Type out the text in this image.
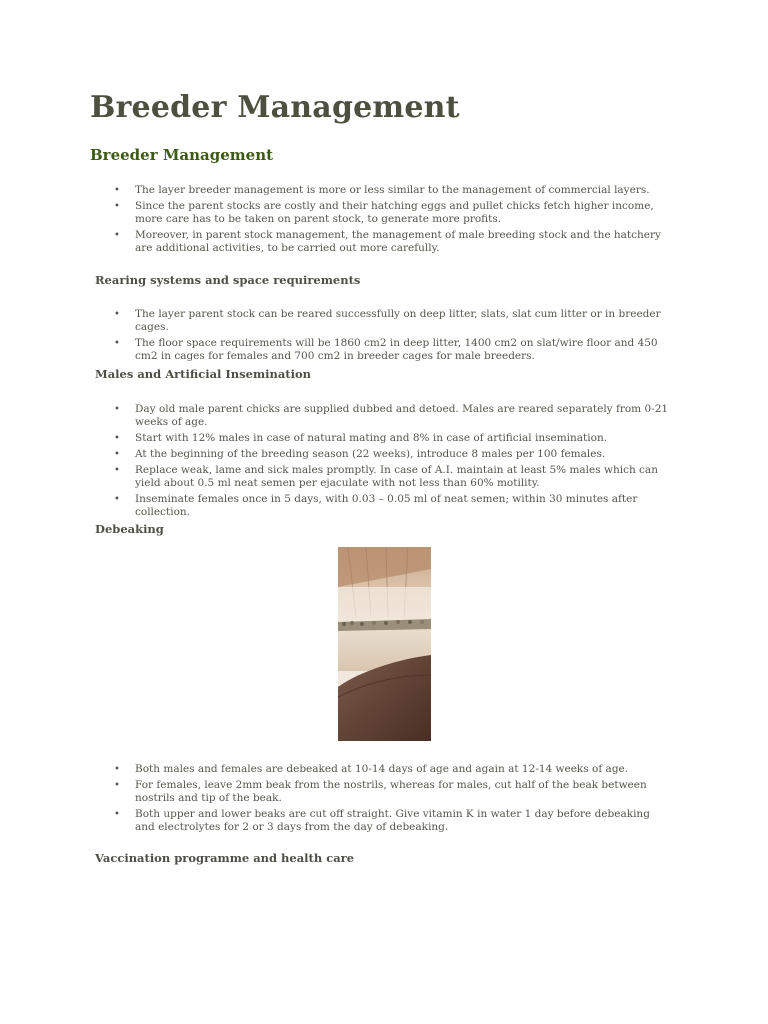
Breeder Management
Breeder Management
• The layer breeder management is more or less similar to the management of commercial layers.
• Since the parent stocks are costly and their hatching eggs and pullet chicks fetch higher income, more care has to be taken on parent stock, to generate more profits.
• Moreover, in parent stock management, the management of male breeding stock and the hatchery are additional activities, to be carried out more carefully.
Rearing systems and space requirements
• The layer parent stock can be reared successfully on deep litter, slats, slat cum litter or in breeder cages.
• The floor space requirements will be 1860 cm2 in deep litter, 1400 cm2 on slat/wire floor and 450 cm2 in cages for females and 700 cm2 in breeder cages for male breeders.
Males and Artificial Insemination
• Day old male parent chicks are supplied dubbed and detoed. Males are reared separately from 0-21 weeks of age.
• Start with 12% males in case of natural mating and 8% in case of artificial insemination.
• At the beginning of the breeding season (22 weeks), introduce 8 males per 100 females.
• Replace weak, lame and sick males promptly. In case of A.I. maintain at least 5% males which can yield about 0.5 ml neat semen per ejaculate with not less than 60% motility.
• Inseminate females once in 5 days, with 0.03 – 0.05 ml of neat semen; within 30 minutes after collection.
Debeaking
• Both males and females are debeaked at 10-14 days of age and again at 12-14 weeks of age.
• For females, leave 2mm beak from the nostrils, whereas for males, cut half of the beak between nostrils and tip of the beak.
• Both upper and lower beaks are cut off straight. Give vitamin K in water 1 day before debeaking and electrolytes for 2 or 3 days from the day of debeaking.
Vaccination programme and health care
